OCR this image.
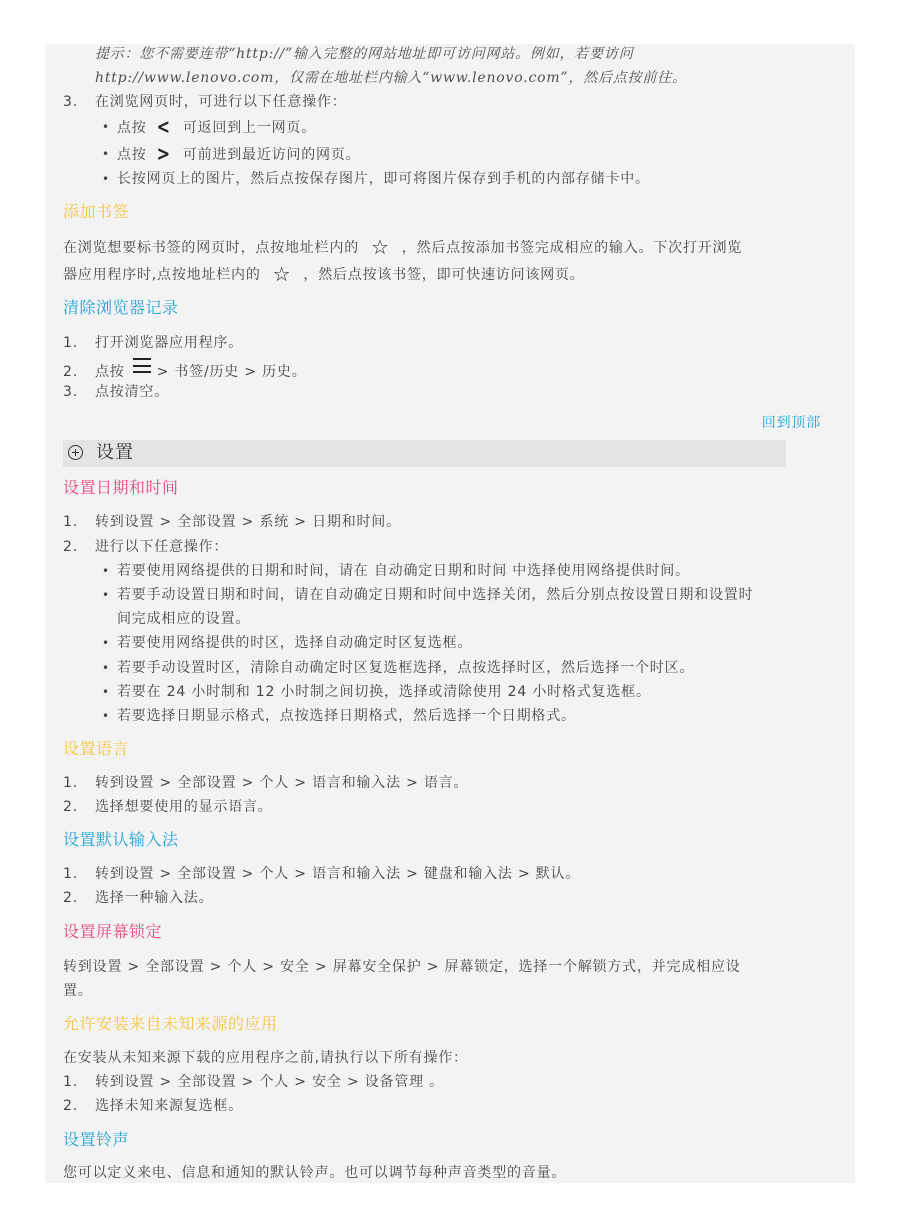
提示：您不需要连带“http://”输入完整的网站地址即可访问网站。例如，若要访问
http://www.lenovo.com，仅需在地址栏内输入“www.lenovo.com”，然后点按前往。
3. 在浏览网页时，可进行以下任意操作：
• 点按 < 可返回到上一网页。
• 点按 > 可前进到最近访问的网页。
• 长按网页上的图片，然后点按保存图片，即可将图片保存到手机的内部存储卡中。
添加书签
在浏览想要标书签的网页时，点按地址栏内的 ☆ ，然后点按添加书签完成相应的输入。下次打开浏览
器应用程序时,点按地址栏内的 ☆ ，然后点按该书签，即可快速访问该网页。
清除浏览器记录
1. 打开浏览器应用程序。
2. 点按 > 书签/历史 > 历史。
3. 点按清空。
回到顶部
设置
设置日期和时间
1. 转到设置 > 全部设置 > 系统 > 日期和时间。
2. 进行以下任意操作：
• 若要使用网络提供的日期和时间，请在 自动确定日期和时间 中选择使用网络提供时间。
• 若要手动设置日期和时间，请在自动确定日期和时间中选择关闭，然后分别点按设置日期和设置时
间完成相应的设置。
• 若要使用网络提供的时区，选择自动确定时区复选框。
• 若要手动设置时区，清除自动确定时区复选框选择，点按选择时区，然后选择一个时区。
• 若要在 24 小时制和 12 小时制之间切换，选择或清除使用 24 小时格式复选框。
• 若要选择日期显示格式，点按选择日期格式，然后选择一个日期格式。
设置语言
1. 转到设置 > 全部设置 > 个人 > 语言和输入法 > 语言。
2. 选择想要使用的显示语言。
设置默认输入法
1. 转到设置 > 全部设置 > 个人 > 语言和输入法 > 键盘和输入法 > 默认。
2. 选择一种输入法。
设置屏幕锁定
转到设置 > 全部设置 > 个人 > 安全 > 屏幕安全保护 > 屏幕锁定，选择一个解锁方式，并完成相应设
置。
允许安装来自未知来源的应用
在安装从未知来源下载的应用程序之前,请执行以下所有操作：
1. 转到设置 > 全部设置 > 个人 > 安全 > 设备管理 。
2. 选择未知来源复选框。
设置铃声
您可以定义来电、信息和通知的默认铃声。也可以调节每种声音类型的音量。
